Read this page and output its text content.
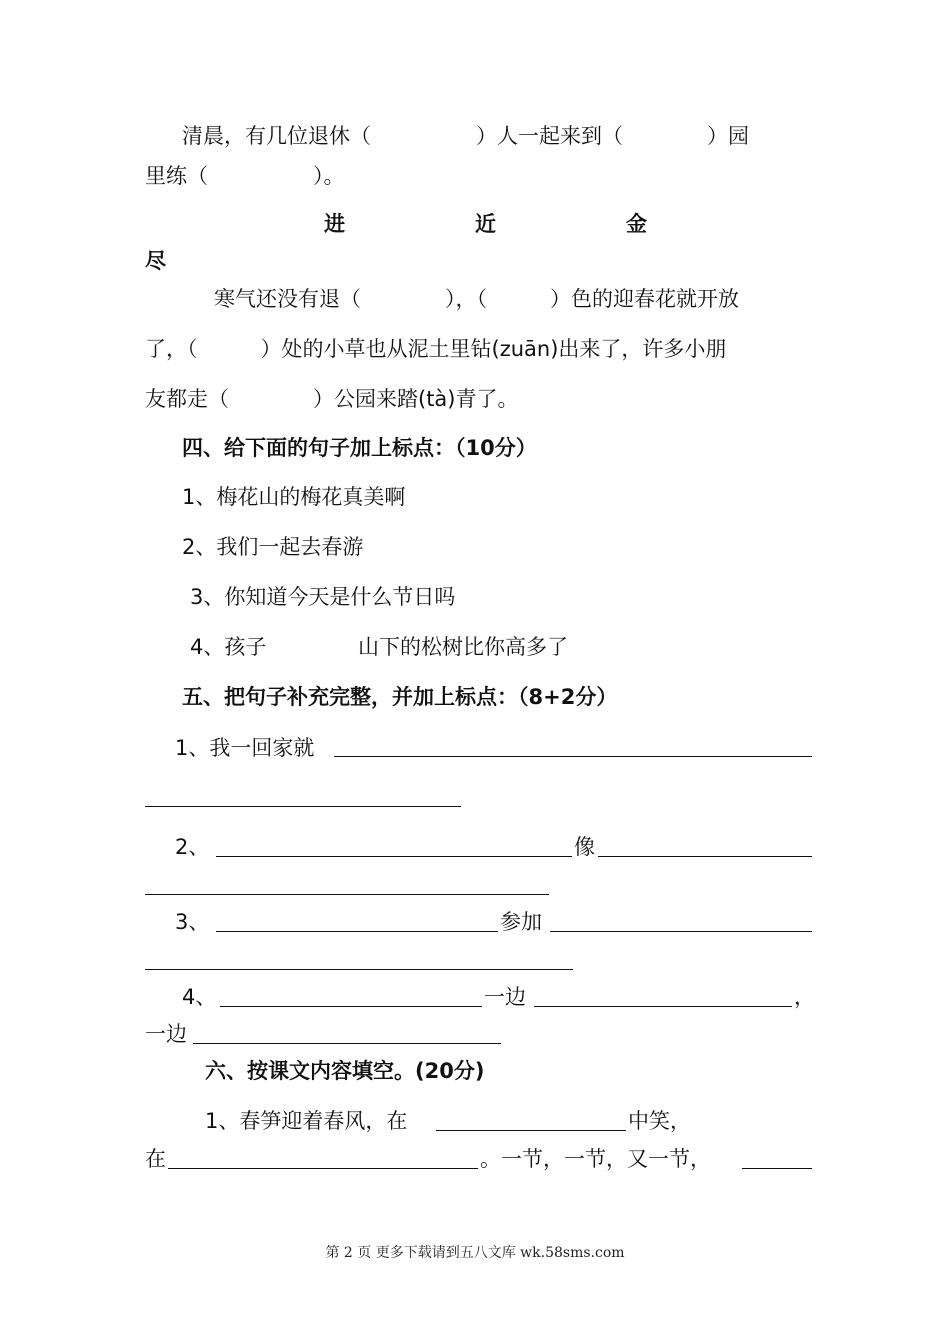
清晨，有几位退休（　　　　　）人一起来到（　　　　）园
里练（　　　　　）。
进	近	金
尽
寒气还没有退（　　　　），（　　　）色的迎春花就开放
了，（　　　）处的小草也从泥土里钻(zuān)出来了，许多小朋
友都走（　　　　）公园来踏(tà)青了。
四、给下面的句子加上标点：（10分）
1、梅花山的梅花真美啊
2、我们一起去春游
3、你知道今天是什么节日吗
4、孩子	山下的松树比你高多了
五、把句子补充完整，并加上标点：（8+2分）
1、我一回家就
2、	像
3、	参加
4、	一边	，
一边
六、按课文内容填空。(20分)
1、春笋迎着春风，在	中笑，
在	。一节，一节，又一节，
第 2 页 更多下载请到五八文库 wk.58sms.com
